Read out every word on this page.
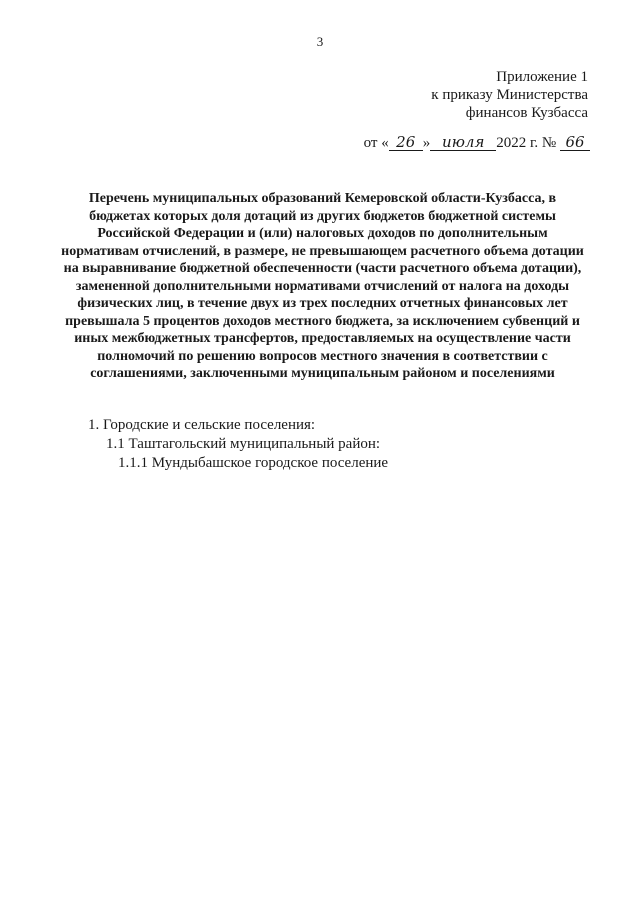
3
Приложение 1
к приказу Министерства
финансов Кузбасса
от « 26 » июля 2022 г. № 66
Перечень муниципальных образований Кемеровской области-Кузбасса, в бюджетах которых доля дотаций из других бюджетов бюджетной системы Российской Федерации и (или) налоговых доходов по дополнительным нормативам отчислений, в размере, не превышающем расчетного объема дотации на выравнивание бюджетной обеспеченности (части расчетного объема дотации), замененной дополнительными нормативами отчислений от налога на доходы физических лиц, в течение двух из трех последних отчетных финансовых лет превышала 5 процентов доходов местного бюджета, за исключением субвенций и иных межбюджетных трансфертов, предоставляемых на осуществление части полномочий по решению вопросов местного значения в соответствии с соглашениями, заключенными муниципальным районом и поселениями
1. Городские и сельские поселения:
1.1 Таштагольский муниципальный район:
1.1.1 Мундыбашское городское поселение
